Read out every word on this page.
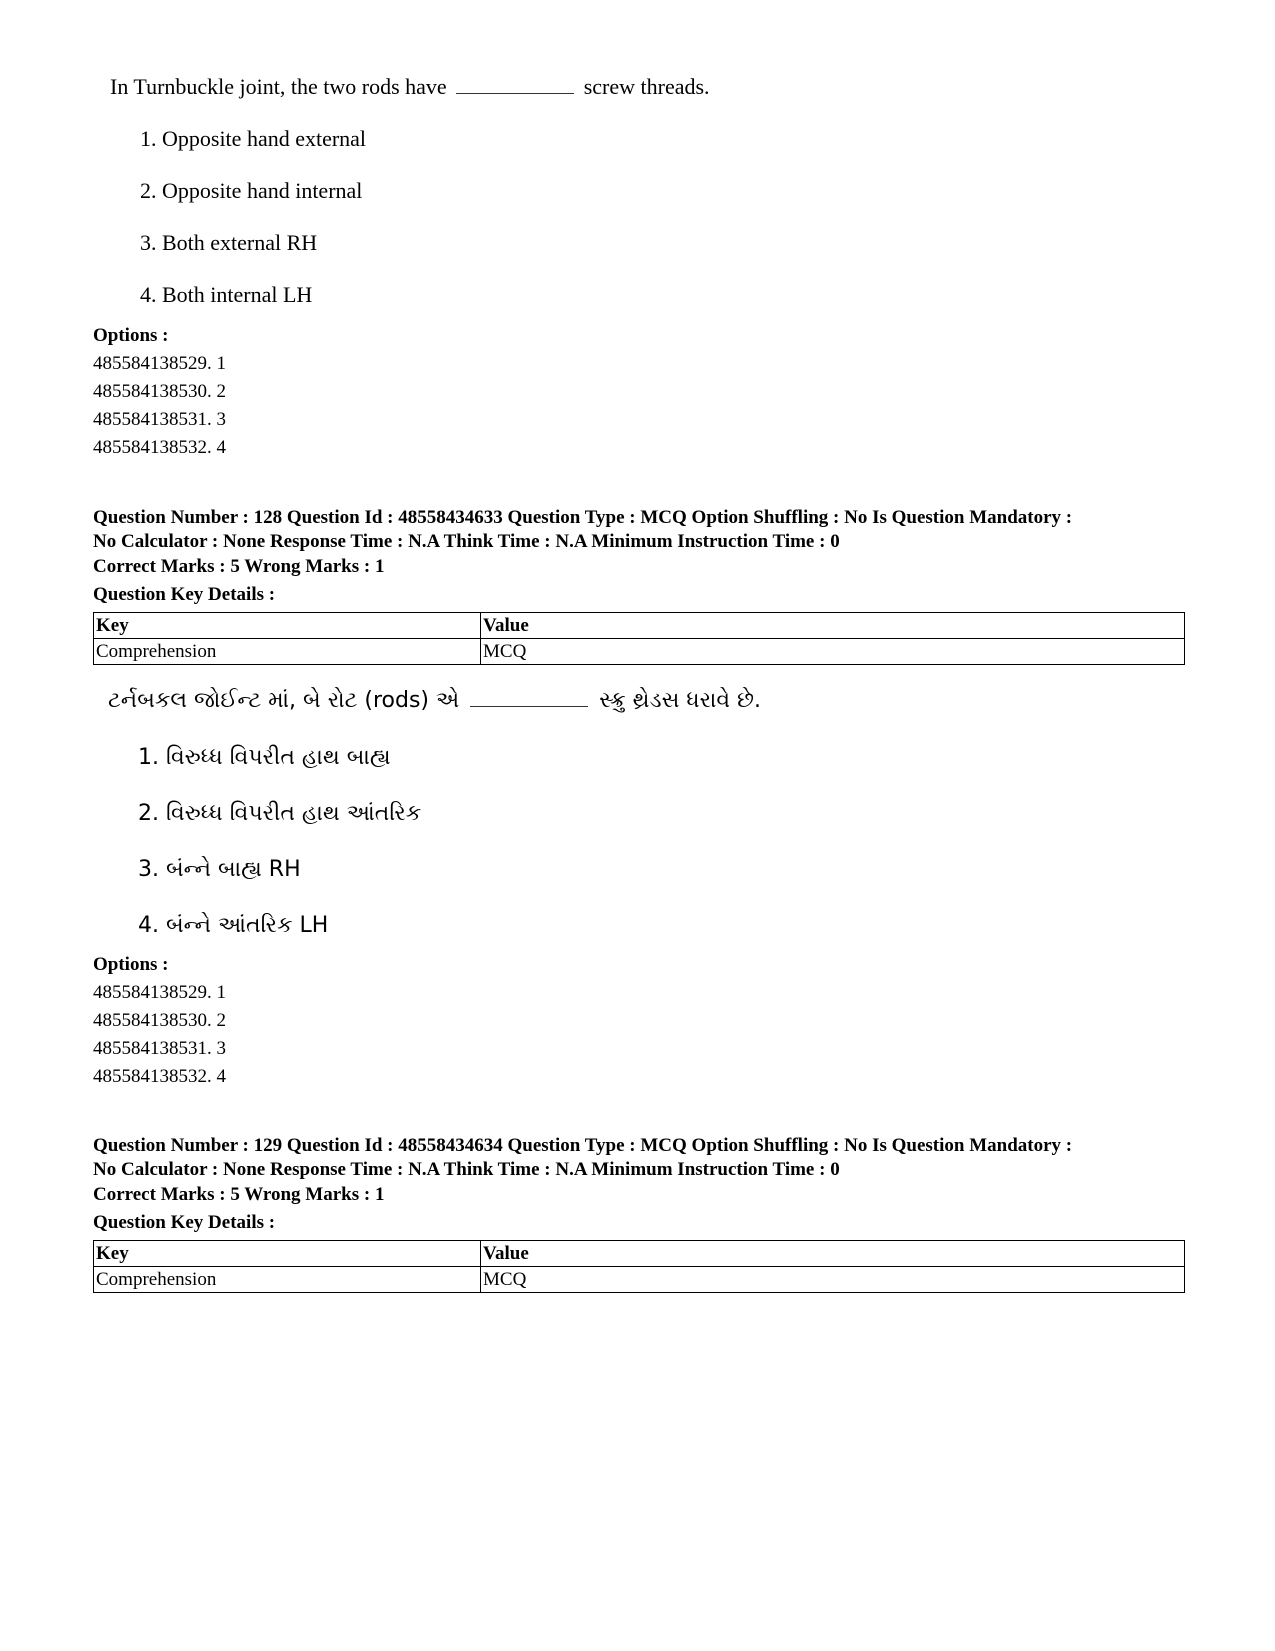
In Turnbuckle joint, the two rods have	screw threads.
1. Opposite hand external
2. Opposite hand internal
3. Both external RH
4. Both internal LH
Options :
485584138529. 1
485584138530. 2
485584138531. 3
485584138532. 4
Question Number : 128 Question Id : 48558434633 Question Type : MCQ Option Shuffling : No Is Question Mandatory :
No Calculator : None Response Time : N.A Think Time : N.A Minimum Instruction Time : 0
Correct Marks : 5 Wrong Marks : 1
Question Key Details :
Key	Value
Comprehension	MCQ
ટર્નબકલ જોઈન્ટ માં, બે રોટ (rods) એ	સ્ક્રુ થ્રેડસ ધરાવે છે.
1. વિરુધ્ધ વિપરીત હાથ બાહ્ય
2. વિરુધ્ધ વિપરીત હાથ આંતરિક
3. બંન્ને બાહ્ય RH
4. બંન્ને આંતરિક LH
Options :
485584138529. 1
485584138530. 2
485584138531. 3
485584138532. 4
Question Number : 129 Question Id : 48558434634 Question Type : MCQ Option Shuffling : No Is Question Mandatory :
No Calculator : None Response Time : N.A Think Time : N.A Minimum Instruction Time : 0
Correct Marks : 5 Wrong Marks : 1
Question Key Details :
Key	Value
Comprehension	MCQ
